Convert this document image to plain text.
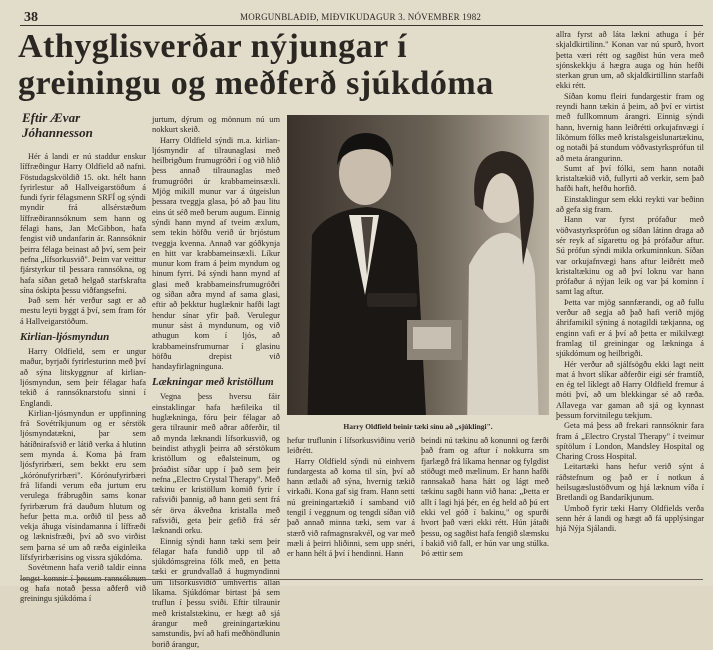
38	MORGUNBLAÐIÐ, MIÐVIKUDAGUR 3. NÓVEMBER 1982
Athyglisverðar nýjungar í greiningu og meðferð sjúkdóma
Eftir Ævar Jóhannesson

Hér á landi er nú staddur enskur líffræðingur Harry Oldfield að nafni. Föstudagskvöldið 15. okt. hélt hann fyrirlestur að Hallveigarstöðum á fundi fyrir félagsmenn SRFÍ og sýndi myndir frá allsérstæðum líffræðirannsóknum sem hann og félagi hans, Jan McGibbon, hafa fengist við undanfarin ár. Rannsóknir þeirra félaga beinast að því, sem þeir nefna „lífsorkusvið". Þeim var veittur fjárstyrkur til þessara rannsókna, og hafa síðan getað helgað starfskrafta sína óskipta þessu viðfangsefni.

Það sem hér verður sagt er að mestu leyti byggt á því, sem fram fór á Hallveigarstöðum.

Kirlian-ljósmyndun

Harry Oldfield, sem er ungur maður, byrjaði fyrirlesturinn með því að sýna litskyggnur af kirlian-ljósmyndun, sem þeir félagar hafa tekið á rannsóknarstofu sinni í Englandi.

Kirlian-ljósmyndun er uppfinning frá Sovétríkjunum og er sérstök ljósmyndatækni, þar sem hátíðnirafsvið er látið verka á hlutinn sem mynda á. Koma þá fram ljósfyrirbæri, sem bekkt eru sem „kórónufyrirbæri". Kórónufyrirbæri frá lifandi verum eða jurtum eru verulega frábrugðin sams konar fyrirbærum frá dauðum hlutum og hefur þetta m.a. orðið til þess að vekja áhuga vísindamanna í líffræði og læknisfræði, því að svo virðist sem þarna sé um að ræða eiginleika lífsfyrirbærisins og vissra sjúkdóma.

Sovétmenn hafa verið taldir einna lengst komnir í þessum rannsóknum og hafa notað þessa aðferð við greiningu sjúkdóma í

jurtum, dýrum og mönnum nú um nokkurt skeið.

Harry Oldfield sýndi m.a. kirlian-ljósmyndir af tilraunaglasi með heilbrigðum frumugróðri í og við hlið þess annað tilraunaglas með frumugróðri úr krabbameinsæxli. Mjög mikill munur var á útgeislun þessara tveggja glasa, þó að þau litu eins út séð með berum augum. Einnig sýndi hann mynd af tveim æxlum, sem tekin höfðu verið úr brjóstum tveggja kvenna. Annað var góðkynja en hitt var krabbameinsæxli. Líkur munur kom fram á þeim myndum og hinum fyrri. Þá sýndi hann mynd af glasi með krabbameinsfrumugróðri og síðan aðra mynd af sama glasi, eftir að þekktur huglæknir hafði lagt hendur sínar yfir það. Verulegur munur sást á myndunum, og við athugun kom í ljós, að krabbameinsfrumurnar í glasinu höfðu drepist við handayfirlagninguna.

Lækningar með kristöllum

Vegna þess hversu fáir einstaklingar hafa hæfileika til huglækninga, fóru þeir félagar að gera tilraunir með aðrar aðferðir, til að mynda læknandi lífsorkusvið, og beindist athygli þeirra að sérstökum kristöllum og eðalsteinum, og þróaðist síðar upp í það sem þeir nefna „Electro Crystal Therapy". Með tækinu er kristöllum komið fyrir í rafsviði þannig, að hann geti sent frá sér örva ákveðna kristalla með rafsviði, geta þeir gefið frá sér læknandi orku.

Einnig sýndi hann tæki sem þeir félagar hafa fundið upp til að sjúkdómsgreina fólk með, en þetta tæki er grundvallað á hugmyndinni um lífsorkusviðið umhverfis allan líkama. Sjúkdómar birtast þá sem truflun í þessu sviði. Eftir tilraunir með kristalstækinu, er hægt að sjá árangur með greiningartækinu samstundis, því að hafi meðhöndlunin borið árangur,

Harry Oldfield beinir tæki sínu að „sjúklingi".

hefur truflunin í lífsorkusviðinu verið leiðrétt.

Harry Oldfield sýndi nú einhvern fundargesta að koma til sín, því að hann ætlaði að sýna, hvernig tækið virkaði. Kona gaf sig fram. Hann setti nú greiningartækið í samband við tengil í veggnum og tengdi síðan við það annað minna tæki, sem var á stærð við rafmagnsrakvél, og var með mæli á þeirri hliðinni, sem upp snéri, er hann hélt á því í hendinni. Hann

beindi nú tækinu að konunni og færði það fram og aftur í nokkurra sm fjarlægð frá líkama hennar og fylgdist stöðugt með mælinum. Er hann hafði rannsakað hana hátt og lágt með tækinu sagði hann við hana: „Þetta er allt í lagi hjá þér, en ég held að þú ert ekki vel góð í bakinu," og spurði hvort það væri ekki rétt. Hún játaði þessu, og sagðist hafa fengið slæmsku í bakið við fall, er hún var ung stúlka. Þó ættir sem

allra fyrst að láta lækni athuga í þér skjaldkirtilinn." Konan var nú spurð, hvort þetta væri rétt og sagðist hún vera með sjónskekkju á hægra auga og hún hefði sterkan grun um, að skjaldkirtillinn starfaði ekki rétt.

Síðan komu fleiri fundargestir fram og reyndi hann tækin á þeim, að því er virtist með fullkomnum árangri. Einnig sýndi hann, hvernig hann leiðrétti orkujafnvægi í líkömum fólks með kristalsgeislunartækinu, og notaði þá stundum vöðvastyrksprófun til að meta árangurinn.

Sumt af því fólki, sem hann notaði kristaltækið við, fullyrti að verkir, sem það hafði haft, hefðu horfið.

Einstaklingur sem ekki reykti var beðinn að gefa sig fram.

Hann var fyrst prófaður með vöðvastyrksprófun og síðan látinn draga að sér reyk af sígarettu og þá prófaður aftur. Sú prófun sýndi mikla orkuminnkun. Síðan var orkujafnvægi hans aftur leiðrétt með kristaltækinu og að því loknu var hann prófaður á nýjan leik og var þá kominn í samt lag aftur.

Þetta var mjög sannfærandi, og að fullu verður að segja að það hafi verið mjög áhrifamikil sýning á notagildi tækjanna, og enginn vafi er á því að þetta er mikilvægt framlag til greiningar og lækninga á sjúkdómum og heilbrigði.

Hér verður að sjálfsögðu ekki lagt neitt mat á hvort slíkar aðferðir eigi sér framtíð, en ég tel líklegt að Harry Oldfield fremur á móti því, að um blekkingar sé að ræða. Allavega var gaman að sjá og kynnast þessum forvitnilegu tækjum.

Geta má þess að frekari rannsóknir fara fram á „Electro Crystal Therapy" í tveimur spítölum í London, Mandsley Hospital og Charing Cross Hospital.

Leitartæki hans hefur verið sýnt á ráðstefnum og það er í notkun á heilsugæslustöðvum og hjá læknum víða í Bretlandi og Bandaríkjunum.

Umboð fyrir tæki Harry Oldfields verða senn hér á landi og hægt að fá upplýsingar hjá Nýja Sjálandi.
